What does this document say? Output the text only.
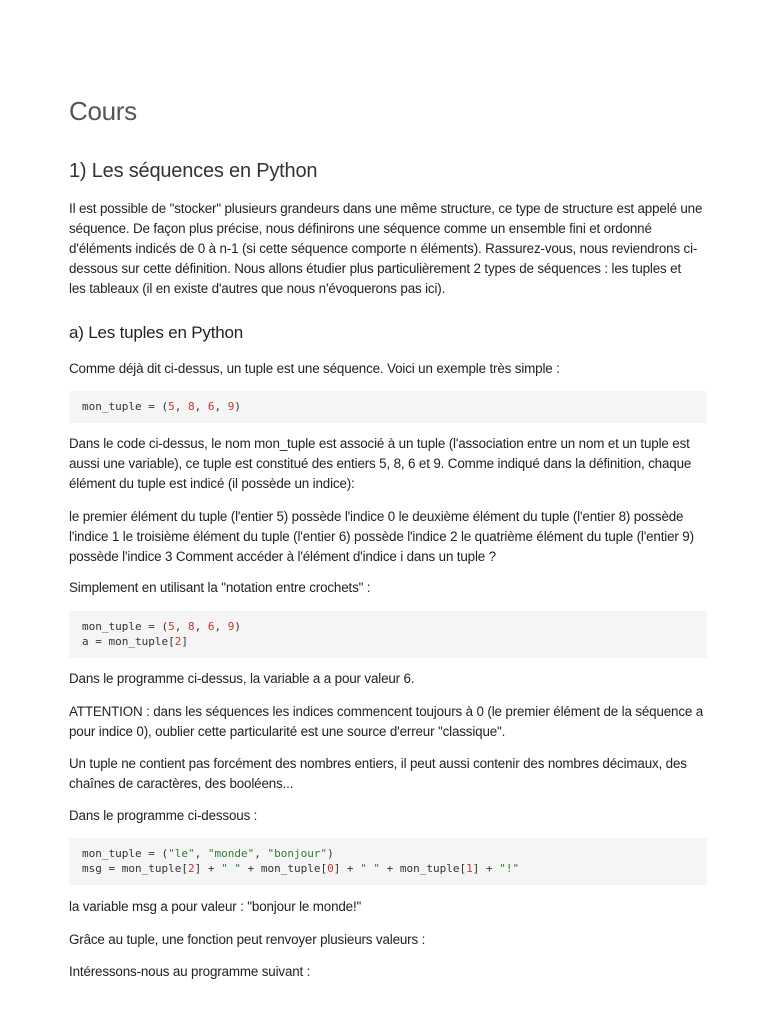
Cours
1) Les séquences en Python
Il est possible de "stocker" plusieurs grandeurs dans une même structure, ce type de structure est appelé une
séquence. De façon plus précise, nous définirons une séquence comme un ensemble fini et ordonné
d'éléments indicés de 0 à n-1 (si cette séquence comporte n éléments). Rassurez-vous, nous reviendrons ci-
dessous sur cette définition. Nous allons étudier plus particulièrement 2 types de séquences : les tuples et
les tableaux (il en existe d'autres que nous n'évoquerons pas ici).
a) Les tuples en Python
Comme déjà dit ci-dessus, un tuple est une séquence. Voici un exemple très simple :
mon_tuple = (5, 8, 6, 9)
Dans le code ci-dessus, le nom mon_tuple est associé à un tuple (l'association entre un nom et un tuple est
aussi une variable), ce tuple est constitué des entiers 5, 8, 6 et 9. Comme indiqué dans la définition, chaque
élément du tuple est indicé (il possède un indice):
le premier élément du tuple (l'entier 5) possède l'indice 0 le deuxième élément du tuple (l'entier 8) possède
l'indice 1 le troisième élément du tuple (l'entier 6) possède l'indice 2 le quatrième élément du tuple (l'entier 9)
possède l'indice 3 Comment accéder à l'élément d'indice i dans un tuple ?
Simplement en utilisant la "notation entre crochets" :
mon_tuple = (5, 8, 6, 9)
a = mon_tuple[2]
Dans le programme ci-dessus, la variable a a pour valeur 6.
ATTENTION : dans les séquences les indices commencent toujours à 0 (le premier élément de la séquence a
pour indice 0), oublier cette particularité est une source d'erreur "classique".
Un tuple ne contient pas forcément des nombres entiers, il peut aussi contenir des nombres décimaux, des
chaînes de caractères, des booléens...
Dans le programme ci-dessous :
mon_tuple = ("le", "monde", "bonjour")
msg = mon_tuple[2] + " " + mon_tuple[0] + " " + mon_tuple[1] + "!"
la variable msg a pour valeur : "bonjour le monde!"
Grâce au tuple, une fonction peut renvoyer plusieurs valeurs :
Intéressons-nous au programme suivant :
